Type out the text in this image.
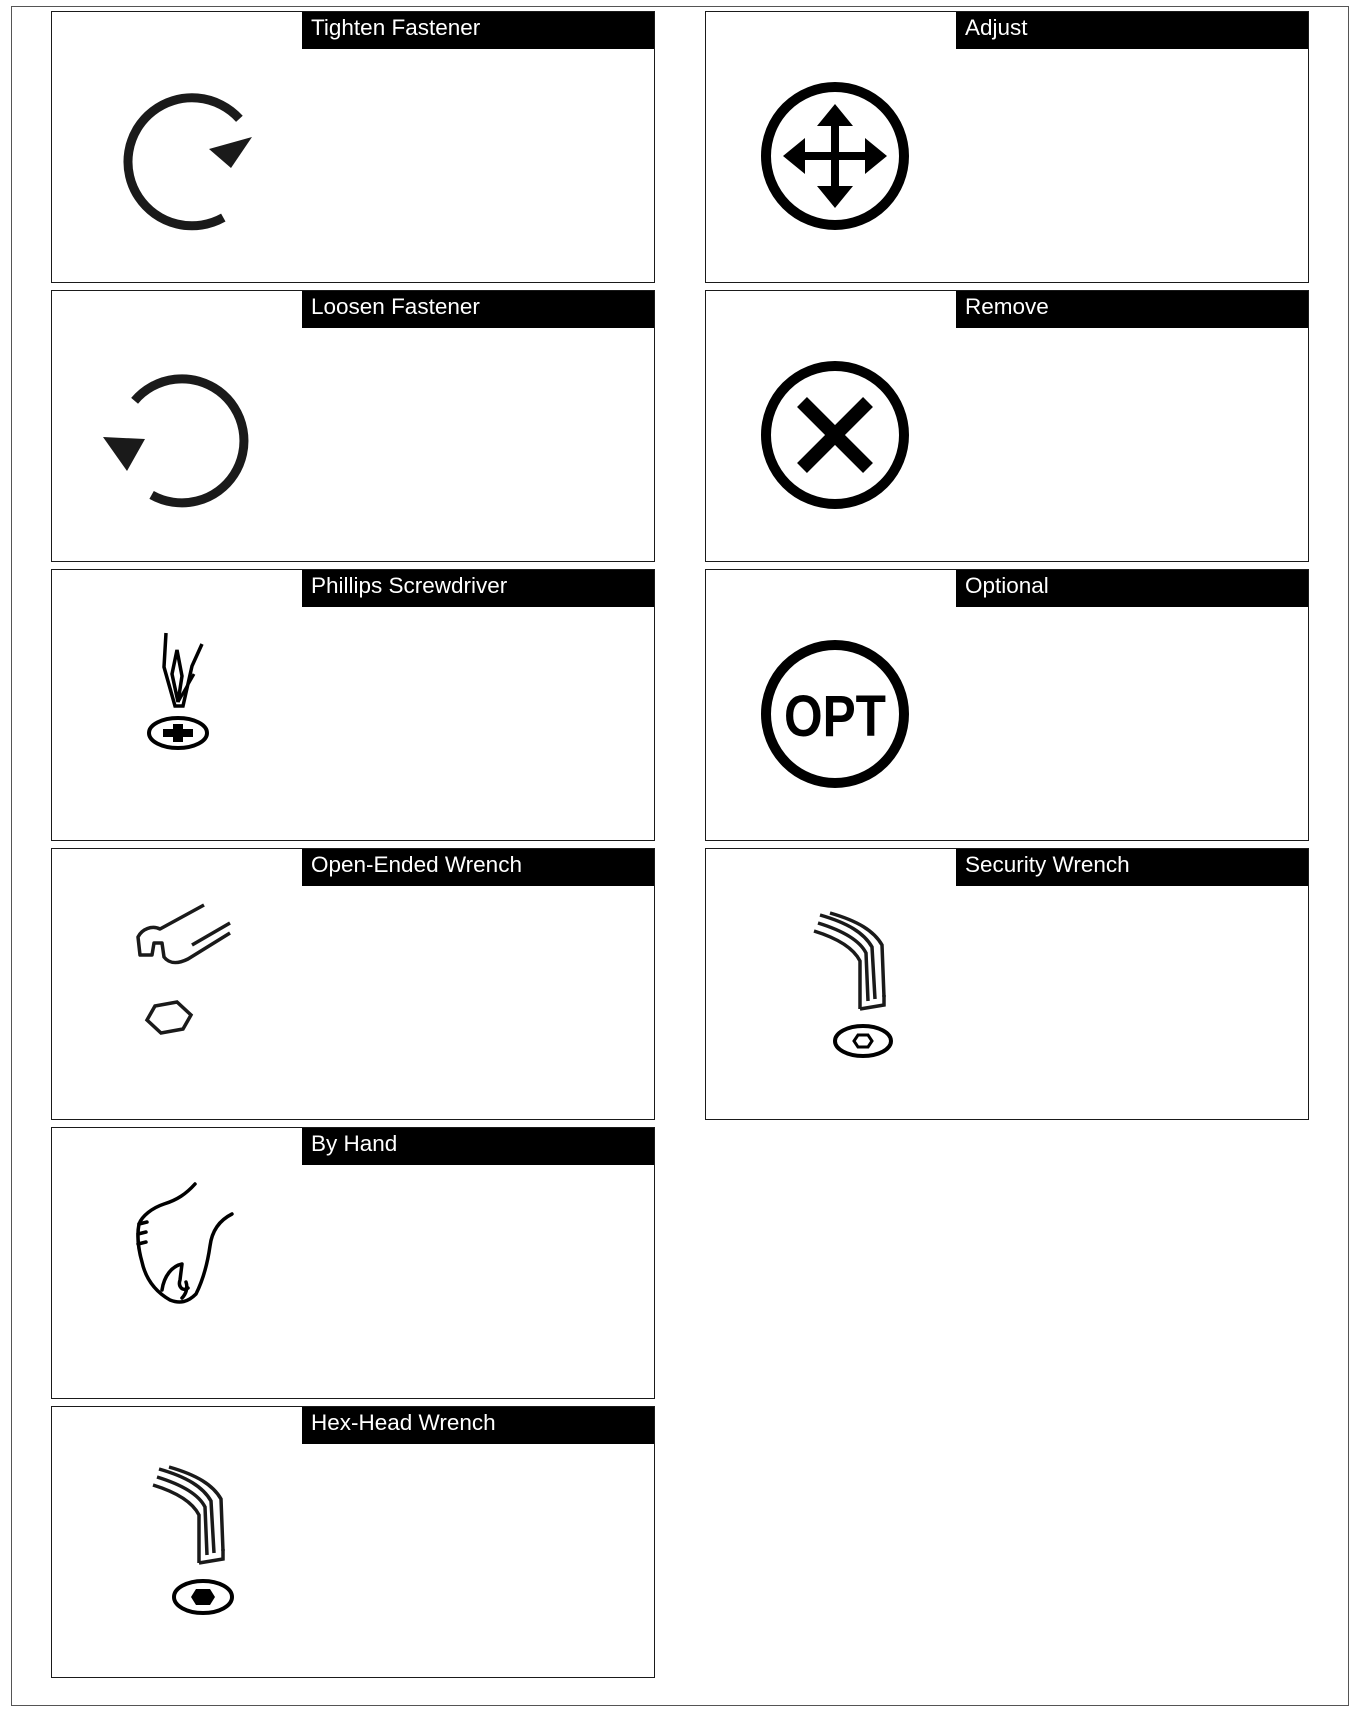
Tighten Fastener	Adjust
Loosen Fastener	Remove
Phillips Screwdriver	Optional
OPT
Open-Ended Wrench	Security Wrench
By Hand
Hex-Head Wrench
